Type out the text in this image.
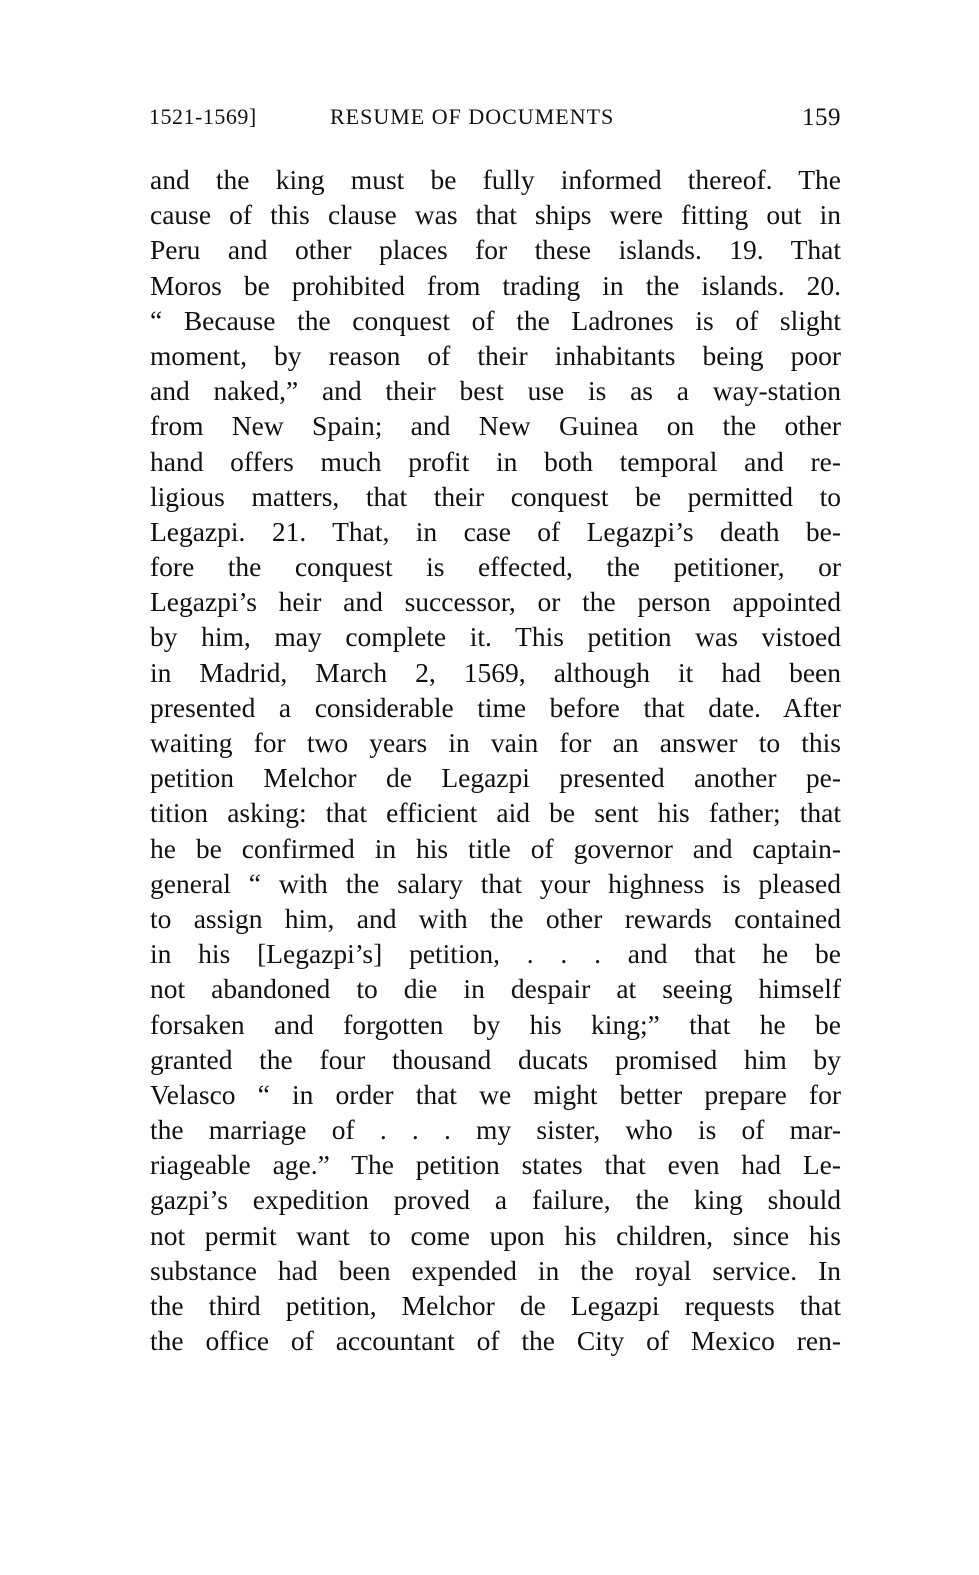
1521-1569]	RESUME OF DOCUMENTS	159
and the king must be fully informed thereof. The
cause of this clause was that ships were fitting out in
Peru and other places for these islands. 19. That
Moros be prohibited from trading in the islands. 20.
“ Because the conquest of the Ladrones is of slight
moment, by reason of their inhabitants being poor
and naked,” and their best use is as a way-station
from New Spain; and New Guinea on the other
hand offers much profit in both temporal and re-
ligious matters, that their conquest be permitted to
Legazpi. 21. That, in case of Legazpi’s death be-
fore the conquest is effected, the petitioner, or
Legazpi’s heir and successor, or the person appointed
by him, may complete it. This petition was vistoed
in Madrid, March 2, 1569, although it had been
presented a considerable time before that date. After
waiting for two years in vain for an answer to this
petition Melchor de Legazpi presented another pe-
tition asking: that efficient aid be sent his father; that
he be confirmed in his title of governor and captain-
general “ with the salary that your highness is pleased
to assign him, and with the other rewards contained
in his [Legazpi’s] petition, . . . and that he be
not abandoned to die in despair at seeing himself
forsaken and forgotten by his king;” that he be
granted the four thousand ducats promised him by
Velasco “ in order that we might better prepare for
the marriage of . . . my sister, who is of mar-
riageable age.” The petition states that even had Le-
gazpi’s expedition proved a failure, the king should
not permit want to come upon his children, since his
substance had been expended in the royal service. In
the third petition, Melchor de Legazpi requests that
the office of accountant of the City of Mexico ren-
